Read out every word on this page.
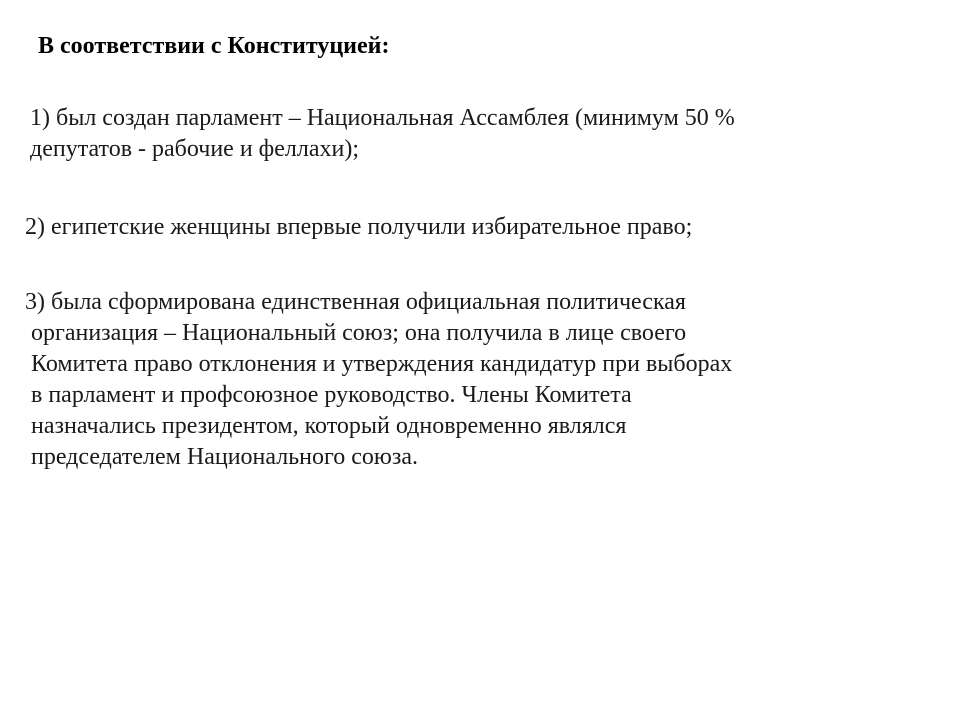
В соответствии с Конституцией:
1) был создан парламент – Национальная Ассамблея (минимум 50 %
депутатов - рабочие и феллахи);
2) египетские женщины впервые получили избирательное право;
3) была сформирована единственная официальная политическая
организация – Национальный союз; она получила в лице своего
Комитета право отклонения и утверждения кандидатур при выборах
в парламент и профсоюзное руководство. Члены Комитета
назначались президентом, который одновременно являлся
председателем Национального союза.
